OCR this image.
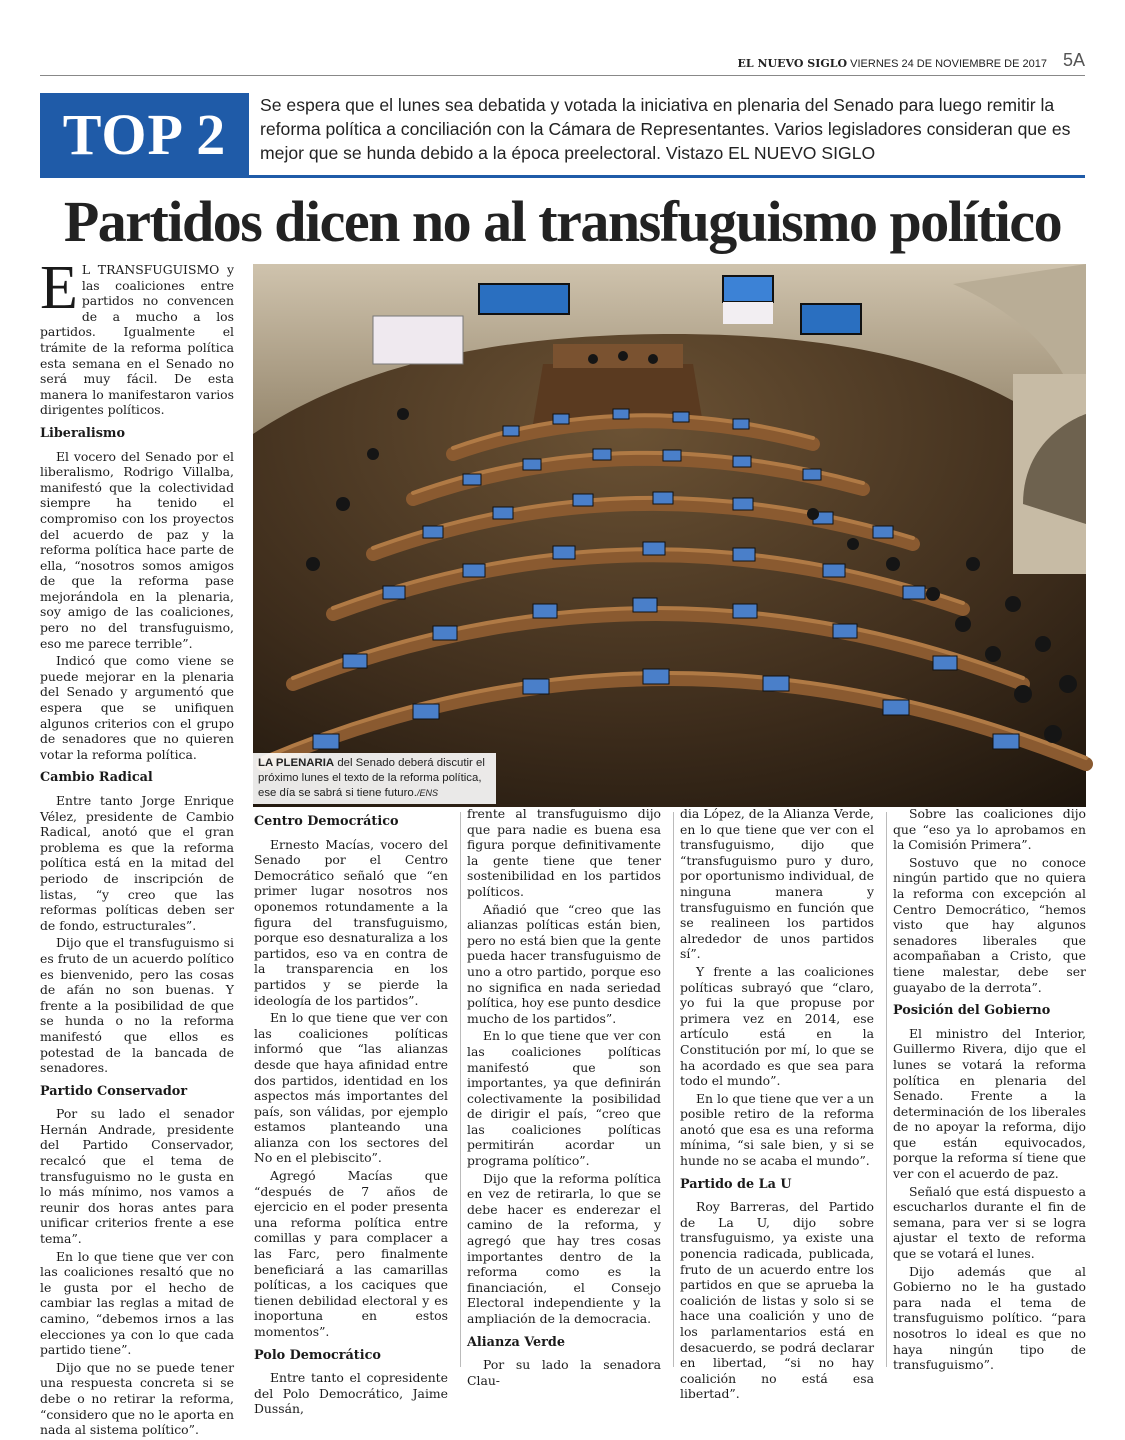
EL NUEVO SIGLO VIERNES 24 DE NOVIEMBRE DE 2017 5A
TOP 2	Se espera que el lunes sea debatida y votada la iniciativa en plenaria del Senado para luego remitir la reforma política a conciliación con la Cámara de Representantes. Varios legisladores consideran que es mejor que se hunda debido a la época preelectoral. Vistazo EL NUEVO SIGLO
Partidos dicen no al transfuguismo político
LA PLENARIA del Senado deberá discutir el próximo lunes el texto de la reforma política, ese día se sabrá si tiene futuro./ENS

E L TRANSFUGUISMO y las coaliciones entre partidos no convencen de a mucho a los partidos. Igualmente el trámite de la reforma política esta semana en el Senado no será muy fácil. De esta manera lo manifestaron varios dirigentes políticos.

Liberalismo

El vocero del Senado por el liberalismo, Rodrigo Villalba, manifestó que la colectividad siempre ha tenido el compromiso con los proyectos del acuerdo de paz y la reforma política hace parte de ella, “nosotros somos amigos de que la reforma pase mejorándola en la plenaria, soy amigo de las coaliciones, pero no del transfuguismo, eso me parece terrible”.

Indicó que como viene se puede mejorar en la plenaria del Senado y argumentó que espera que se unifiquen algunos criterios con el grupo de senadores que no quieren votar la reforma política.

Cambio Radical

Entre tanto Jorge Enrique Vélez, presidente de Cambio Radical, anotó que el gran problema es que la reforma política está en la mitad del periodo de inscripción de listas, “y creo que las reformas políticas deben ser de fondo, estructurales”.

Dijo que el transfuguismo si es fruto de un acuerdo político es bienvenido, pero las cosas de afán no son buenas. Y frente a la posibilidad de que se hunda o no la reforma manifestó que ellos es potestad de la bancada de senadores.

Partido Conservador

Por su lado el senador Hernán Andrade, presidente del Partido Conservador, recalcó que el tema de transfuguismo no le gusta en lo más mínimo, nos vamos a reunir dos horas antes para unificar criterios frente a ese tema”.

En lo que tiene que ver con las coaliciones resaltó que no le gusta por el hecho de cambiar las reglas a mitad de camino, “debemos irnos a las elecciones ya con lo que cada partido tiene”.

Dijo que no se puede tener una respuesta concreta si se debe o no retirar la reforma, “considero que no le aporta en nada al sistema político”.

Centro Democrático

Ernesto Macías, vocero del Senado por el Centro Democrático señaló que “en primer lugar nosotros nos oponemos rotundamente a la figura del transfuguismo, porque eso desnaturaliza a los partidos, eso va en contra de la transparencia en los partidos y se pierde la ideología de los partidos”.

En lo que tiene que ver con las coaliciones políticas informó que “las alianzas desde que haya afinidad entre dos partidos, identidad en los aspectos más importantes del país, son válidas, por ejemplo estamos planteando una alianza con los sectores del No en el plebiscito”.

Agregó Macías que “después de 7 años de ejercicio en el poder presenta una reforma política entre comillas y para complacer a las Farc, pero finalmente beneficiará a las camarillas políticas, a los caciques que tienen debilidad electoral y es inoportuna en estos momentos”.

Polo Democrático

Entre tanto el copresidente del Polo Democrático, Jaime Dussán,

frente al transfuguismo dijo que para nadie es buena esa figura porque definitivamente la gente tiene que tener sostenibilidad en los partidos políticos.

Añadió que “creo que las alianzas políticas están bien, pero no está bien que la gente pueda hacer transfuguismo de uno a otro partido, porque eso no significa en nada seriedad política, hoy ese punto desdice mucho de los partidos”.

En lo que tiene que ver con las coaliciones políticas manifestó que son importantes, ya que definirán colectivamente la posibilidad de dirigir el país, “creo que las coaliciones políticas permitirán acordar un programa político”.

Dijo que la reforma política en vez de retirarla, lo que se debe hacer es enderezar el camino de la reforma, y agregó que hay tres cosas importantes dentro de la reforma como es la financiación, el Consejo Electoral independiente y la ampliación de la democracia.

Alianza Verde

Por su lado la senadora Clau-

dia López, de la Alianza Verde, en lo que tiene que ver con el transfuguismo, dijo que “transfuguismo puro y duro, por oportunismo individual, de ninguna manera y transfuguismo en función que se realineen los partidos alrededor de unos partidos sí”.

Y frente a las coaliciones políticas subrayó que “claro, yo fui la que propuse por primera vez en 2014, ese artículo está en la Constitución por mí, lo que se ha acordado es que sea para todo el mundo”.

En lo que tiene que ver a un posible retiro de la reforma anotó que esa es una reforma mínima, “si sale bien, y si se hunde no se acaba el mundo”.

Partido de La U

Roy Barreras, del Partido de La U, dijo sobre transfuguismo, ya existe una ponencia radicada, publicada, fruto de un acuerdo entre los partidos en que se aprueba la coalición de listas y solo si se hace una coalición y uno de los parlamentarios está en desacuerdo, se podrá declarar en libertad, “si no hay coalición no está esa libertad”.

Sobre las coaliciones dijo que “eso ya lo aprobamos en la Comisión Primera”.

Sostuvo que no conoce ningún partido que no quiera la reforma con excepción al Centro Democrático, “hemos visto que hay algunos senadores liberales que acompañaban a Cristo, que tiene malestar, debe ser guayabo de la derrota”.

Posición del Gobierno

El ministro del Interior, Guillermo Rivera, dijo que el lunes se votará la reforma política en plenaria del Senado. Frente a la determinación de los liberales de no apoyar la reforma, dijo que están equivocados, porque la reforma sí tiene que ver con el acuerdo de paz.

Señaló que está dispuesto a escucharlos durante el fin de semana, para ver si se logra ajustar el texto de reforma que se votará el lunes.

Dijo además que al Gobierno no le ha gustado para nada el tema de transfuguismo político. “para nosotros lo ideal es que no haya ningún tipo de transfuguismo”.
